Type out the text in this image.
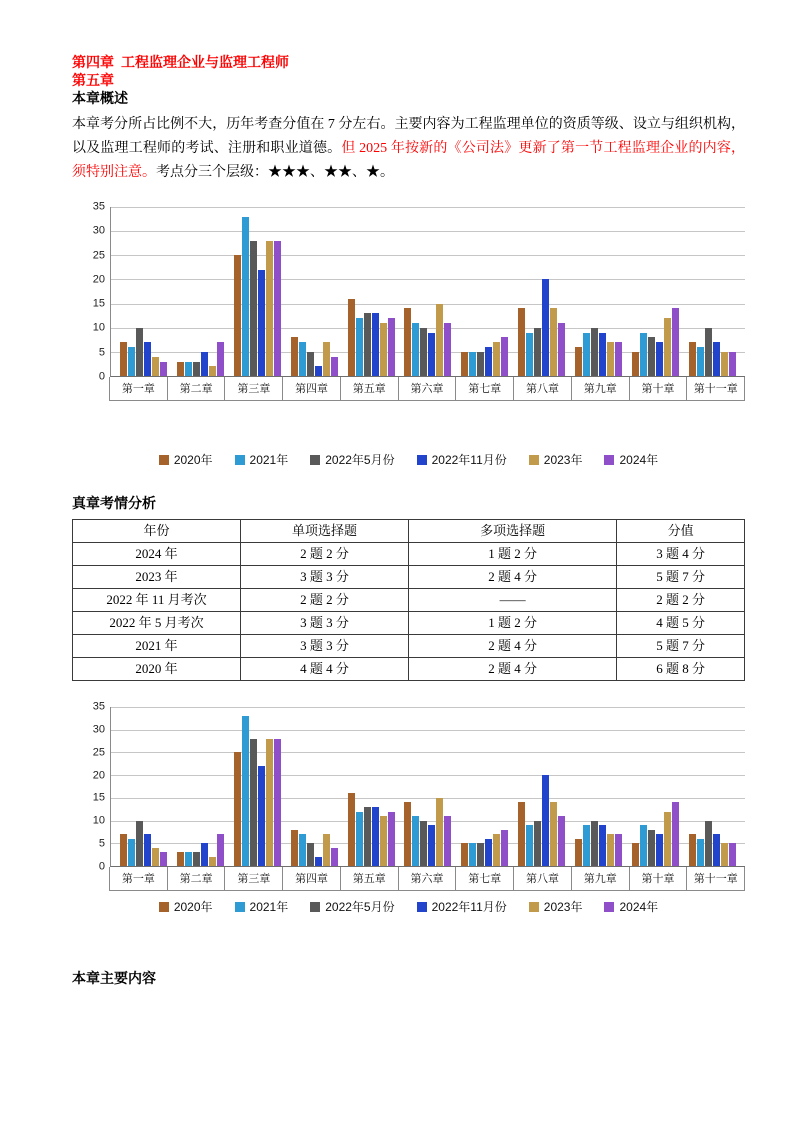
第四章  工程监理企业与监理工程师

第五章

本章概述

本章考分所占比例不大，历年考查分值在 7 分左右。主要内容为工程监理单位的资质等级、设立与组织机构，以及监理工程师的考试、注册和职业道德。但 2025 年按新的《公司法》更新了第一节工程监理企业的内容，须特别注意。考点分三个层级：★★★、★★、★。

0
5
10
15
20
25
30
35
第一章	第二章	第三章	第四章	第五章	第六章	第七章	第八章	第九章	第十章	第十一章
2020年	2021年	2022年5月份	2022年11月份	2023年	2024年

真章考情分析

年份	单项选择题	多项选择题	分值
2024 年	2 题 2 分	1 题 2 分	3 题 4 分
2023 年	3 题 3 分	2 题 4 分	5 题 7 分
2022 年 11 月考次	2 题 2 分	——	2 题 2 分
2022 年 5 月考次	3 题 3 分	1 题 2 分	4 题 5 分
2021 年	3 题 3 分	2 题 4 分	5 题 7 分
2020 年	4 题 4 分	2 题 4 分	6 题 8 分
0
5
10
15
20
25
30
35
第一章	第二章	第三章	第四章	第五章	第六章	第七章	第八章	第九章	第十章	第十一章
2020年	2021年	2022年5月份	2022年11月份	2023年	2024年

本章主要内容
